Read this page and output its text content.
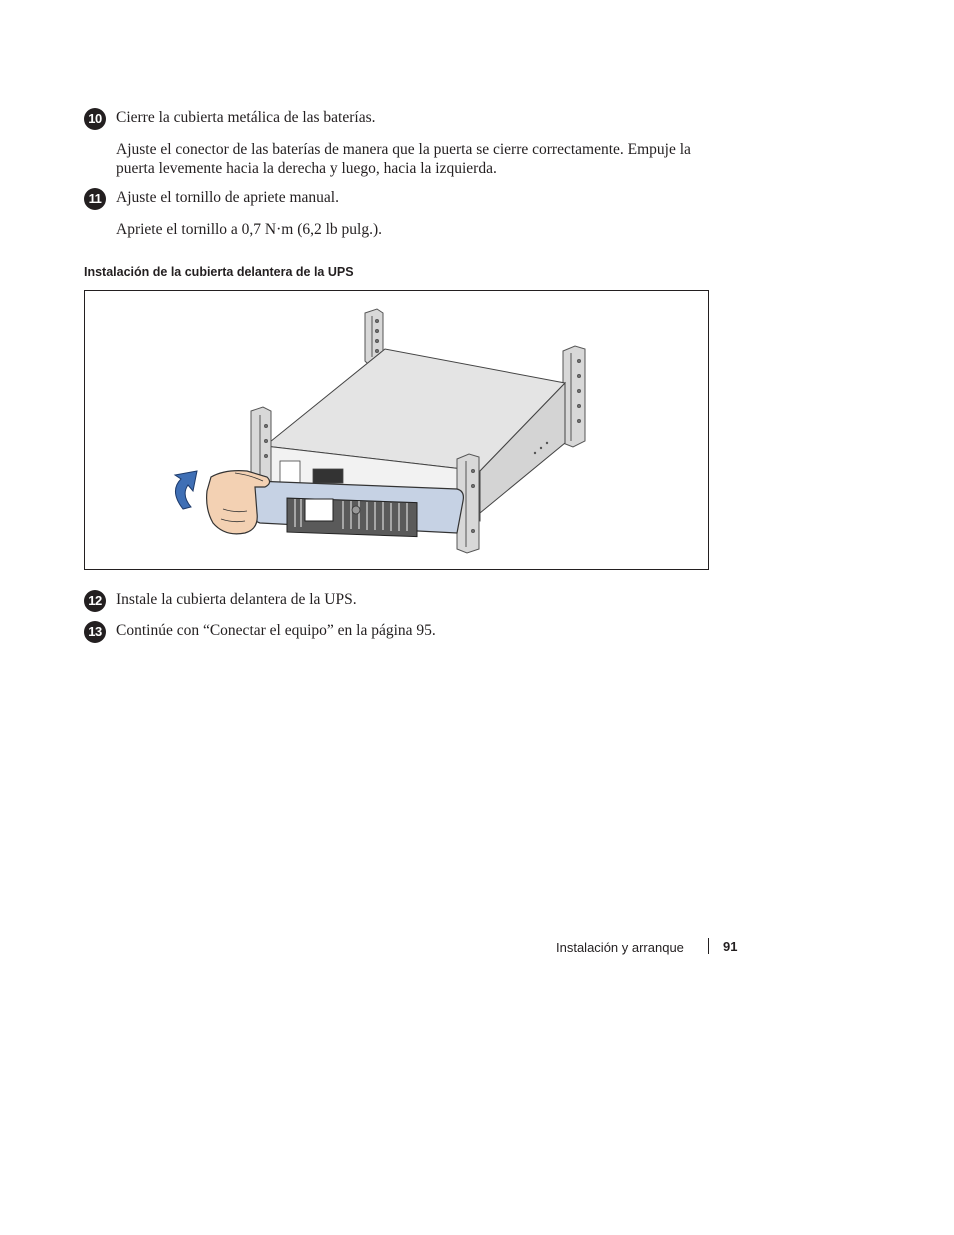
10 Cierre la cubierta metálica de las baterías.
Ajuste el conector de las baterías de manera que la puerta se cierre correctamente. Empuje la
puerta levemente hacia la derecha y luego, hacia la izquierda.
11 Ajuste el tornillo de apriete manual.
Apriete el tornillo a 0,7 N·m (6,2 lb pulg.).
Instalación de la cubierta delantera de la UPS
12 Instale la cubierta delantera de la UPS.
13 Continúe con “Conectar el equipo” en la página 95.
Instalación y arranque	91
